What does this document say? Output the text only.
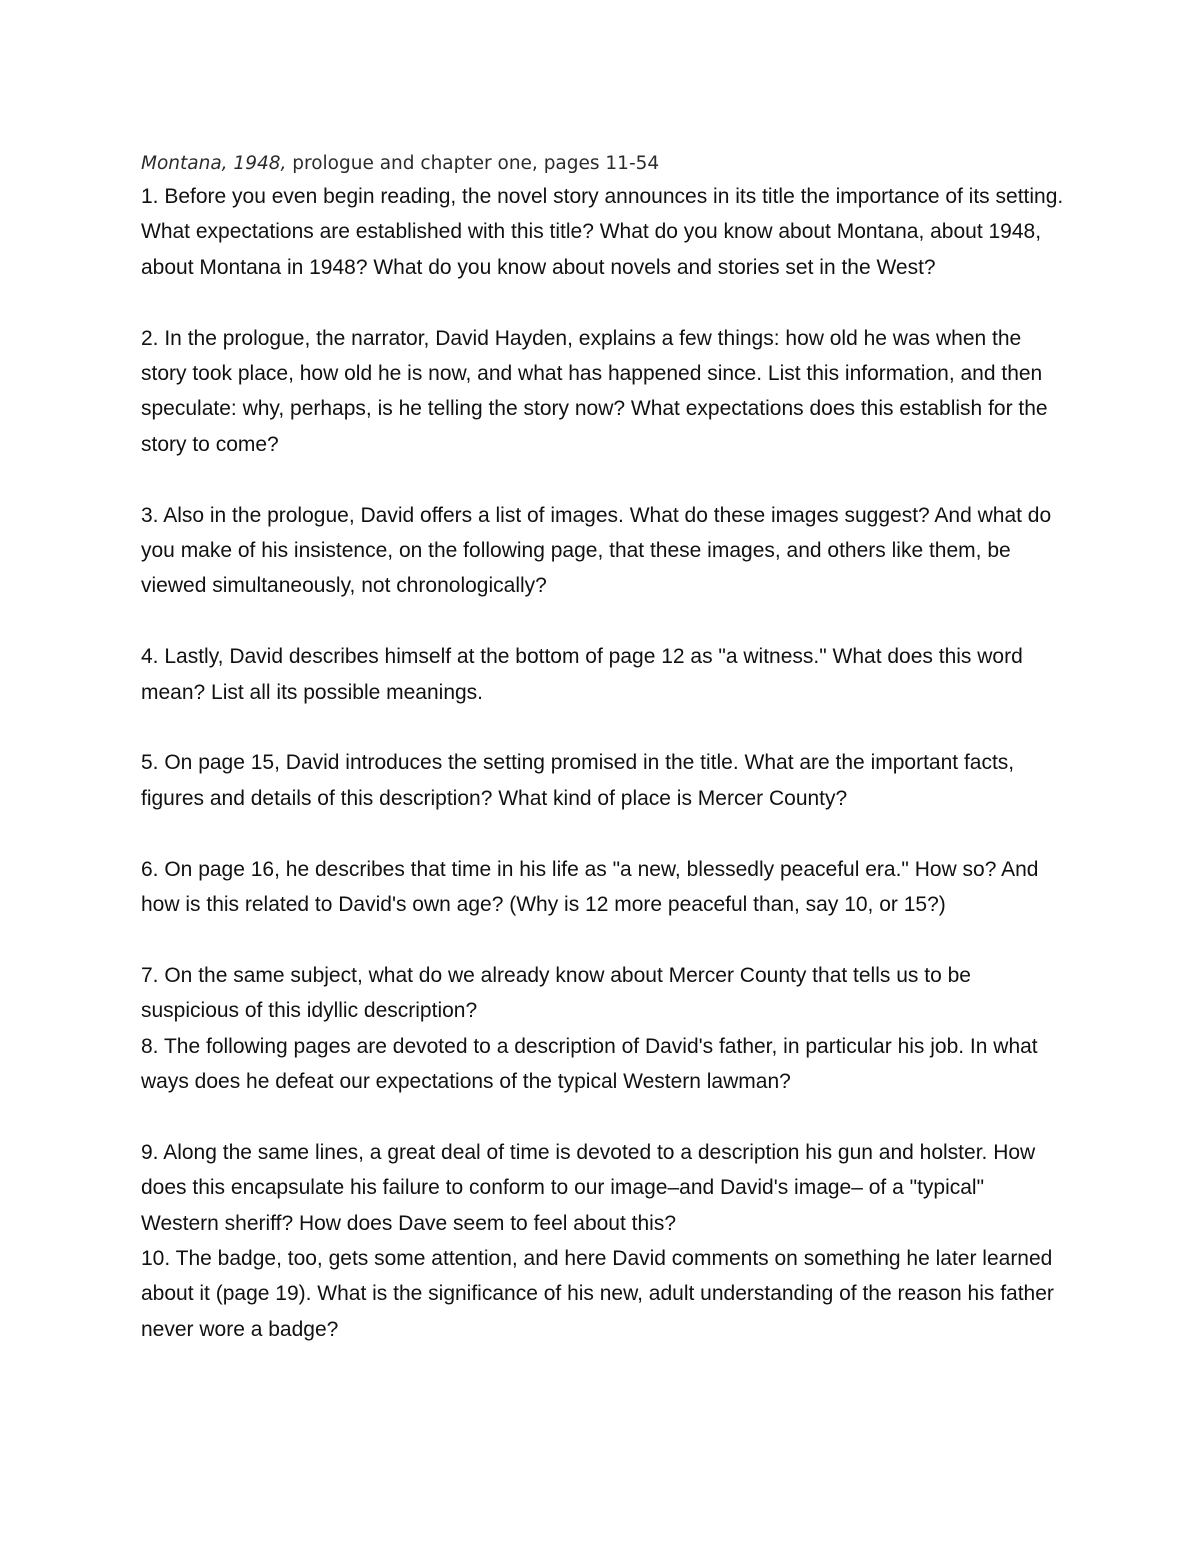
Montana, 1948, prologue and chapter one, pages 11-54

1. Before you even begin reading, the novel story announces in its title the importance of its setting. What expectations are established with this title? What do you know about Montana, about 1948, about Montana in 1948? What do you know about novels and stories set in the West?

2. In the prologue, the narrator, David Hayden, explains a few things: how old he was when the story took place, how old he is now, and what has happened since. List this information, and then speculate: why, perhaps, is he telling the story now? What expectations does this establish for the story to come?

3. Also in the prologue, David offers a list of images. What do these images suggest? And what do you make of his insistence, on the following page, that these images, and others like them, be viewed simultaneously, not chronologically?

4. Lastly, David describes himself at the bottom of page 12 as "a witness." What does this word mean? List all its possible meanings.

5. On page 15, David introduces the setting promised in the title. What are the important facts, figures and details of this description? What kind of place is Mercer County?

6. On page 16, he describes that time in his life as "a new, blessedly peaceful era." How so? And how is this related to David's own age? (Why is 12 more peaceful than, say 10, or 15?)

7. On the same subject, what do we already know about Mercer County that tells us to be suspicious of this idyllic description?

8. The following pages are devoted to a description of David's father, in particular his job. In what ways does he defeat our expectations of the typical Western lawman?

9. Along the same lines, a great deal of time is devoted to a description his gun and holster. How does this encapsulate his failure to conform to our image–and David's image– of a "typical" Western sheriff? How does Dave seem to feel about this?

10. The badge, too, gets some attention, and here David comments on something he later learned about it (page 19). What is the significance of his new, adult understanding of the reason his father never wore a badge?
